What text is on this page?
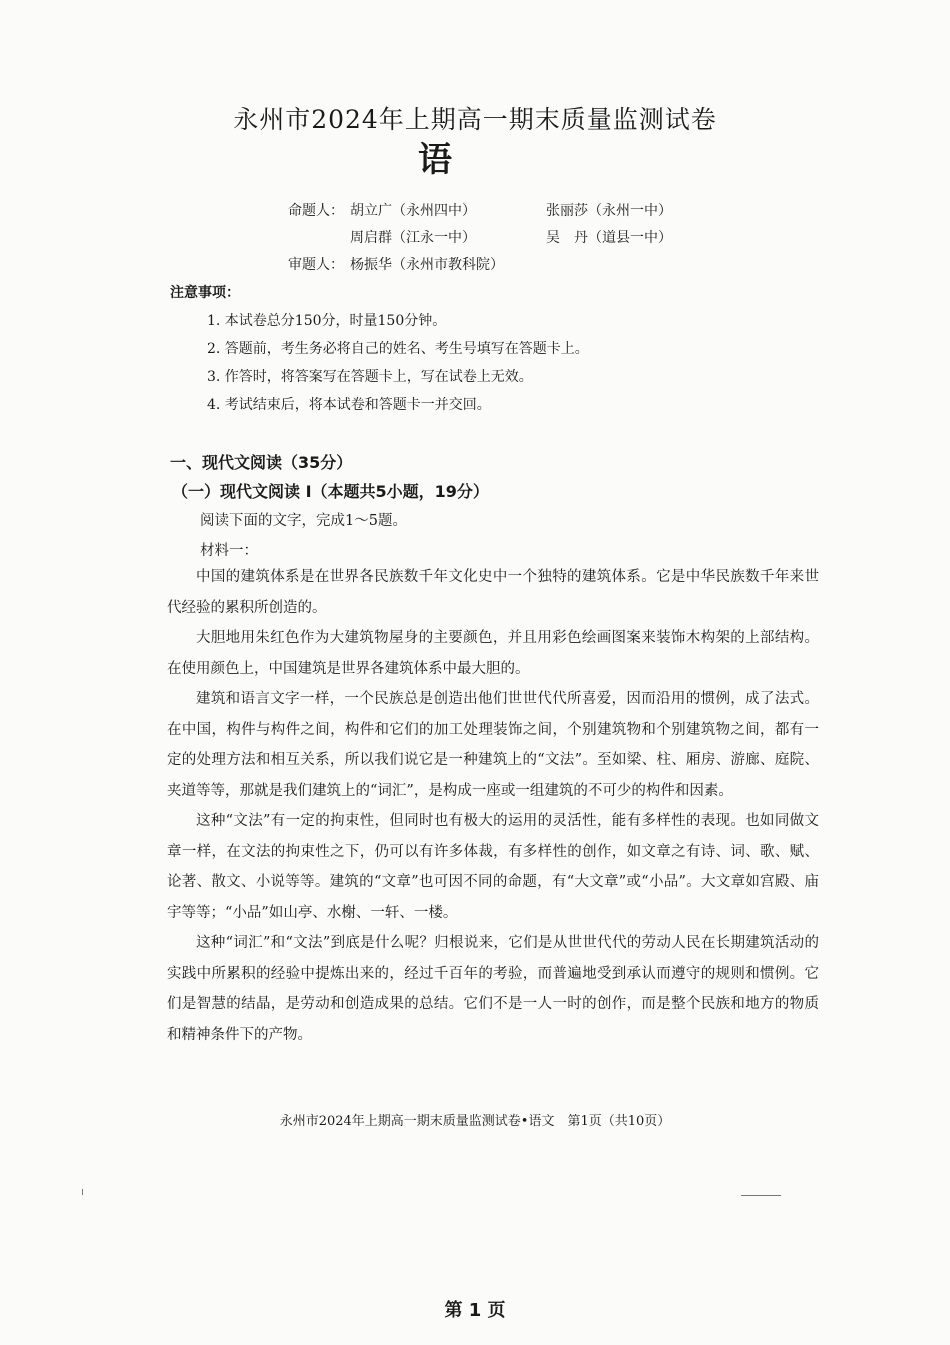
永州市2024年上期高一期末质量监测试卷
语
命题人： 胡立广（永州四中）	张丽莎（永州一中）
周启群（江永一中）	吴　丹（道县一中）
审题人： 杨振华（永州市教科院）
注意事项：
1. 本试卷总分150分，时量150分钟。
2. 答题前，考生务必将自己的姓名、考生号填写在答题卡上。
3. 作答时，将答案写在答题卡上，写在试卷上无效。
4. 考试结束后，将本试卷和答题卡一并交回。
一、现代文阅读（35分）
（一）现代文阅读 I（本题共5小题，19分）
阅读下面的文字，完成1～5题。
材料一：

中国的建筑体系是在世界各民族数千年文化史中一个独特的建筑体系。它是中华民族数千年来世代经验的累积所创造的。

大胆地用朱红色作为大建筑物屋身的主要颜色，并且用彩色绘画图案来装饰木构架的上部结构。在使用颜色上，中国建筑是世界各建筑体系中最大胆的。

建筑和语言文字一样，一个民族总是创造出他们世世代代所喜爱，因而沿用的惯例，成了法式。在中国，构件与构件之间，构件和它们的加工处理装饰之间，个别建筑物和个别建筑物之间，都有一定的处理方法和相互关系，所以我们说它是一种建筑上的“文法”。至如梁、柱、厢房、游廊、庭院、夹道等等，那就是我们建筑上的“词汇”，是构成一座或一组建筑的不可少的构件和因素。

这种“文法”有一定的拘束性，但同时也有极大的运用的灵活性，能有多样性的表现。也如同做文章一样，在文法的拘束性之下，仍可以有许多体裁，有多样性的创作，如文章之有诗、词、歌、赋、论著、散文、小说等等。建筑的“文章”也可因不同的命题，有“大文章”或“小品”。大文章如宫殿、庙宇等等；“小品”如山亭、水榭、一轩、一楼。

这种“词汇”和“文法”到底是什么呢？归根说来，它们是从世世代代的劳动人民在长期建筑活动的实践中所累积的经验中提炼出来的，经过千百年的考验，而普遍地受到承认而遵守的规则和惯例。它们是智慧的结晶，是劳动和创造成果的总结。它们不是一人一时的创作，而是整个民族和地方的物质和精神条件下的产物。

永州市2024年上期高一期末质量监测试卷•语文　第1页（共10页）
第 1 页
